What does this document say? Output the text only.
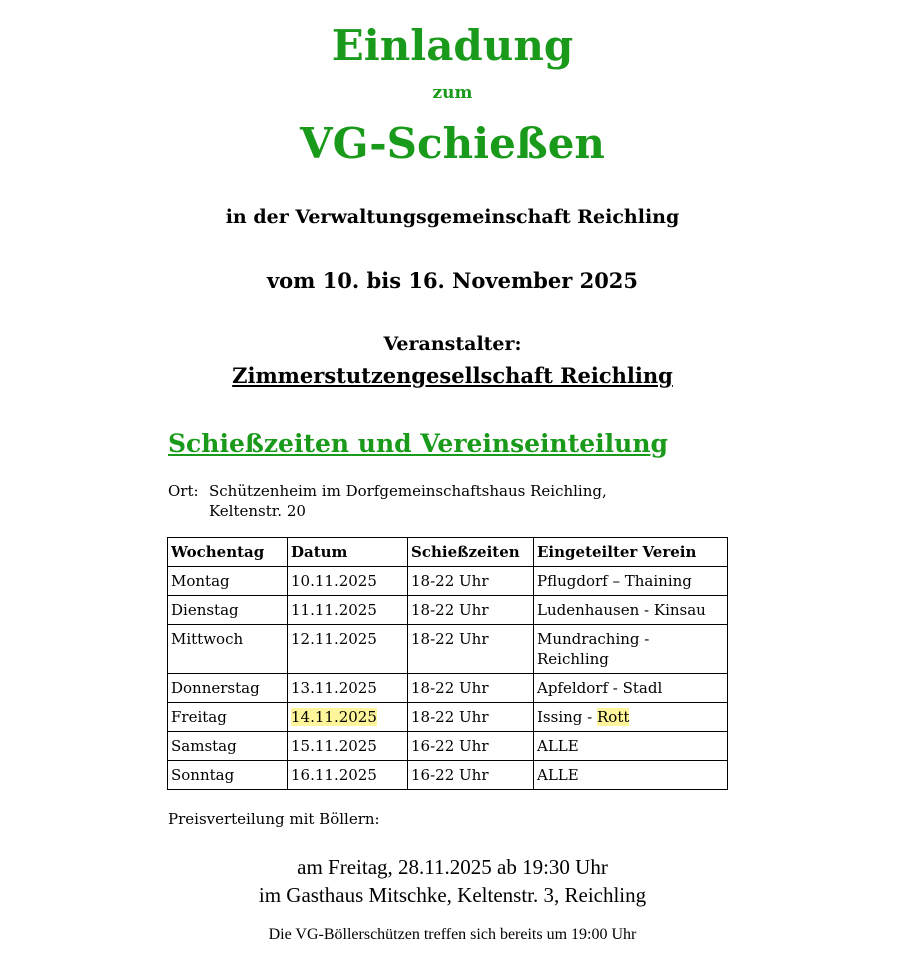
Einladung
zum
VG-Schießen
in der Verwaltungsgemeinschaft Reichling
vom 10. bis 16. November 2025
Veranstalter:
Zimmerstutzengesellschaft Reichling
Schießzeiten und Vereinseinteilung
Ort: Schützenheim im Dorfgemeinschaftshaus Reichling,
Keltenstr. 20
Wochentag	Datum	Schießzeiten	Eingeteilter Verein
Montag	10.11.2025	18-22 Uhr	Pflugdorf – Thaining
Dienstag	11.11.2025	18-22 Uhr	Ludenhausen - Kinsau
Mittwoch	12.11.2025	18-22 Uhr	Mundraching - Reichling
Donnerstag	13.11.2025	18-22 Uhr	Apfeldorf - Stadl
Freitag	14.11.2025	18-22 Uhr	Issing - Rott
Samstag	15.11.2025	16-22 Uhr	ALLE
Sonntag	16.11.2025	16-22 Uhr	ALLE
Preisverteilung mit Böllern:
am Freitag, 28.11.2025 ab 19:30 Uhr
im Gasthaus Mitschke, Keltenstr. 3, Reichling
Die VG-Böllerschützen treffen sich bereits um 19:00 Uhr
